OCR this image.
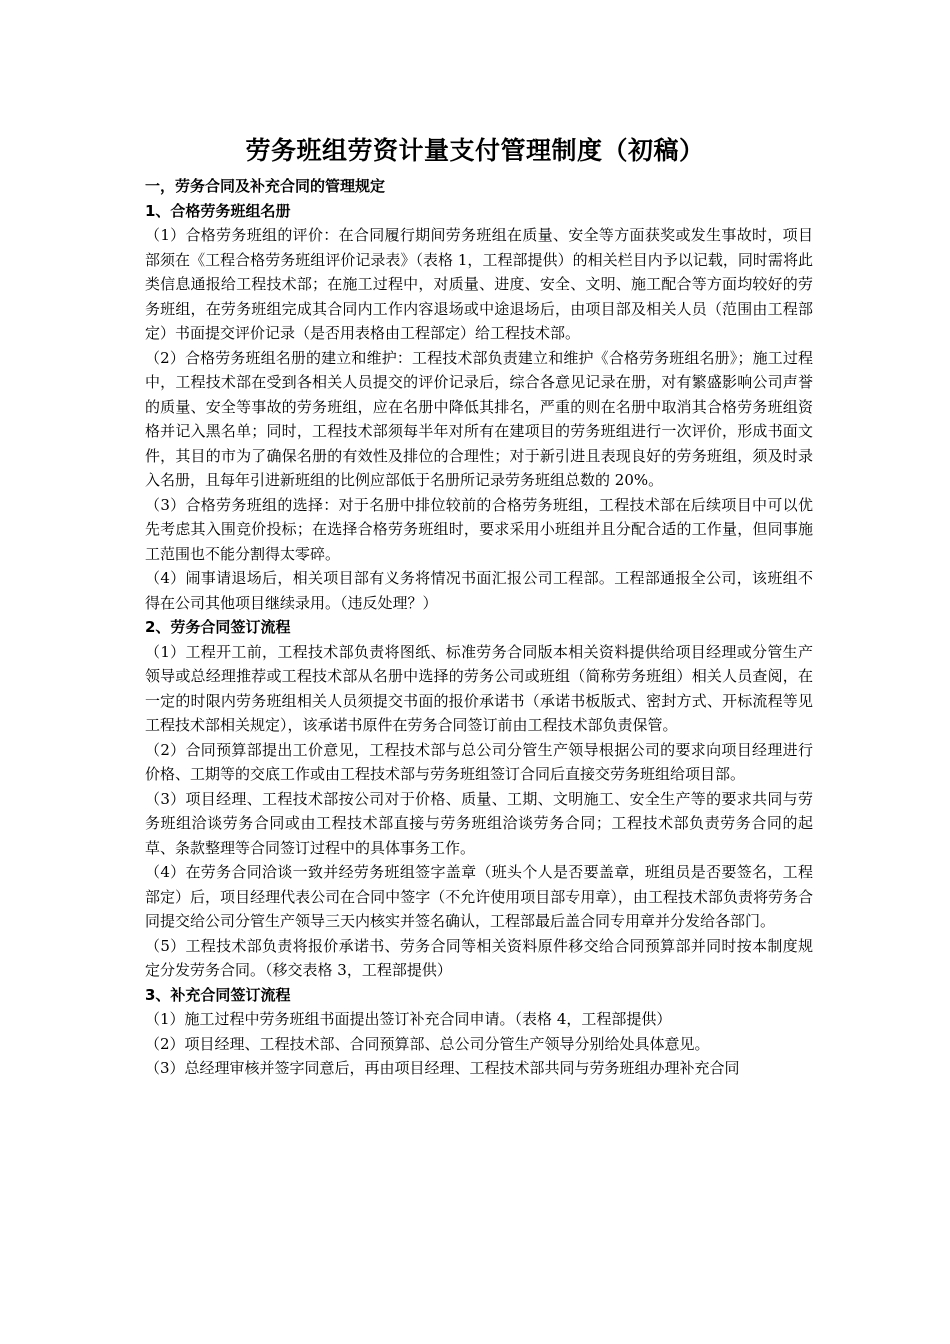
劳务班组劳资计量支付管理制度（初稿）

一，劳务合同及补充合同的管理规定

1、合格劳务班组名册

（1）合格劳务班组的评价：在合同履行期间劳务班组在质量、安全等方面获奖或发生事故时，项目部须在《工程合格劳务班组评价记录表》（表格 1，工程部提供）的相关栏目内予以记载，同时需将此类信息通报给工程技术部；在施工过程中，对质量、进度、安全、文明、施工配合等方面均较好的劳务班组，在劳务班组完成其合同内工作内容退场或中途退场后，由项目部及相关人员（范围由工程部定）书面提交评价记录（是否用表格由工程部定）给工程技术部。

（2）合格劳务班组名册的建立和维护：工程技术部负责建立和维护《合格劳务班组名册》；施工过程中，工程技术部在受到各相关人员提交的评价记录后，综合各意见记录在册，对有繁盛影响公司声誉的质量、安全等事故的劳务班组，应在名册中降低其排名，严重的则在名册中取消其合格劳务班组资格并记入黑名单；同时，工程技术部须每半年对所有在建项目的劳务班组进行一次评价，形成书面文件，其目的市为了确保名册的有效性及排位的合理性；对于新引进且表现良好的劳务班组，须及时录入名册，且每年引进新班组的比例应部低于名册所记录劳务班组总数的 20%。

（3）合格劳务班组的选择：对于名册中排位较前的合格劳务班组，工程技术部在后续项目中可以优先考虑其入围竞价投标；在选择合格劳务班组时，要求采用小班组并且分配合适的工作量，但同事施工范围也不能分割得太零碎。

（4）闹事请退场后，相关项目部有义务将情况书面汇报公司工程部。工程部通报全公司，该班组不得在公司其他项目继续录用。（违反处理？）

2、劳务合同签订流程

（1）工程开工前，工程技术部负责将图纸、标准劳务合同版本相关资料提供给项目经理或分管生产领导或总经理推荐或工程技术部从名册中选择的劳务公司或班组（简称劳务班组）相关人员查阅，在一定的时限内劳务班组相关人员须提交书面的报价承诺书（承诺书板版式、密封方式、开标流程等见工程技术部相关规定），该承诺书原件在劳务合同签订前由工程技术部负责保管。

（2）合同预算部提出工价意见，工程技术部与总公司分管生产领导根据公司的要求向项目经理进行价格、工期等的交底工作或由工程技术部与劳务班组签订合同后直接交劳务班组给项目部。

（3）项目经理、工程技术部按公司对于价格、质量、工期、文明施工、安全生产等的要求共同与劳务班组洽谈劳务合同或由工程技术部直接与劳务班组洽谈劳务合同；工程技术部负责劳务合同的起草、条款整理等合同签订过程中的具体事务工作。

（4）在劳务合同洽谈一致并经劳务班组签字盖章（班头个人是否要盖章，班组员是否要签名，工程部定）后，项目经理代表公司在合同中签字（不允许使用项目部专用章），由工程技术部负责将劳务合同提交给公司分管生产领导三天内核实并签名确认，工程部最后盖合同专用章并分发给各部门。

（5）工程技术部负责将报价承诺书、劳务合同等相关资料原件移交给合同预算部并同时按本制度规定分发劳务合同。（移交表格 3，工程部提供）

3、补充合同签订流程

（1）施工过程中劳务班组书面提出签订补充合同申请。（表格 4，工程部提供）

（2）项目经理、工程技术部、合同预算部、总公司分管生产领导分别给处具体意见。

（3）总经理审核并签字同意后，再由项目经理、工程技术部共同与劳务班组办理补充合同
